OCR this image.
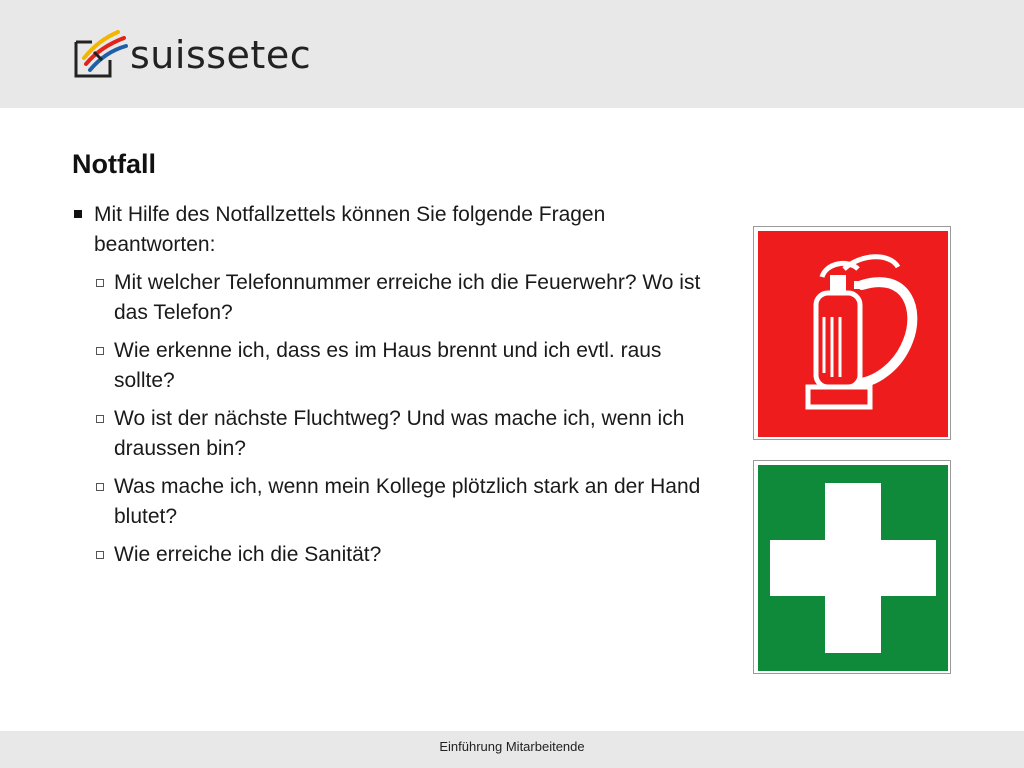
suissetec
Notfall
Mit Hilfe des Notfallzettels können Sie folgende Fragen beantworten:
Mit welcher Telefonnummer erreiche ich die Feuerwehr? Wo ist das Telefon?
Wie erkenne ich, dass es im Haus brennt und ich evtl. raus sollte?
Wo ist der nächste Fluchtweg? Und was mache ich, wenn ich draussen bin?
Was mache ich, wenn mein Kollege plötzlich stark an der Hand blutet?
Wie erreiche ich die Sanität?
Einführung Mitarbeitende
